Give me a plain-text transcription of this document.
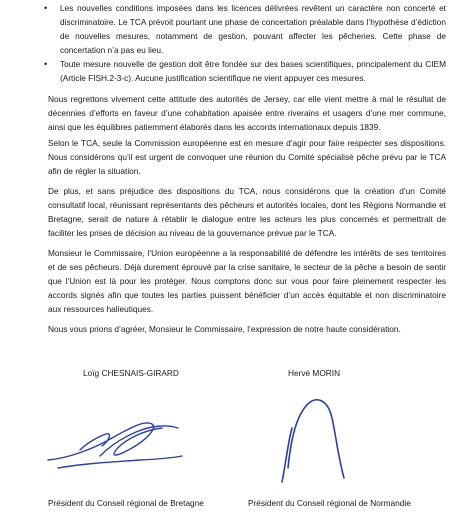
• Les nouvelles conditions imposées dans les licences délivrées revêtent un caractère non concerté et discriminatoire. Le TCA prévoit pourtant une phase de concertation préalable dans l’hypothèse d’édiction de nouvelles mesures, notamment de gestion, pouvant affecter les pêcheries. Cette phase de concertation n’a pas eu lieu.
• Toute mesure nouvelle de gestion doit être fondée sur des bases scientifiques, principalement du CIEM (Article FISH.2-3-c). Aucune justification scientifique ne vient appuyer ces mesures.

Nous regrettons vivement cette attitude des autorités de Jersey, car elle vient mettre à mal le résultat de décennies d’efforts en faveur d’une cohabitation apaisée entre riverains et usagers d’une mer commune, ainsi que les équilibres patiemment élaborés dans les accords internationaux depuis 1839.

Selon le TCA, seule la Commission européenne est en mesure d’agir pour faire respecter ses dispositions. Nous considérons qu’il est urgent de convoquer une réunion du Comité spécialisé pêche prévu par le TCA afin de régler la situation.

De plus, et sans préjudice des dispositions du TCA, nous considérons que la création d’un Comité consultatif local, réunissant représentants des pêcheurs et autorités locales, dont les Régions Normandie et Bretagne, serait de nature à rétablir le dialogue entre les acteurs les plus concernés et permettrait de faciliter les prises de décision au niveau de la gouvernance prévue par le TCA.

Monsieur le Commissaire, l’Union européenne a la responsabilité de défendre les intérêts de ses territoires et de ses pêcheurs. Déjà durement éprouvé par la crise sanitaire, le secteur de la pêche a besoin de sentir que l’Union est là pour les protéger. Nous comptons donc sur vous pour faire pleinement respecter les accords signés afin que toutes les parties puissent bénéficier d’un accès équitable et non discriminatoire aux ressources halieutiques.

Nous vous prions d’agréer, Monsieur le Commissaire, l’expression de notre haute considération.

Loïg CHESNAIS-GIRARD	Hervé MORIN
Président du Conseil régional de Bretagne	Président du Conseil régional de Normandie
